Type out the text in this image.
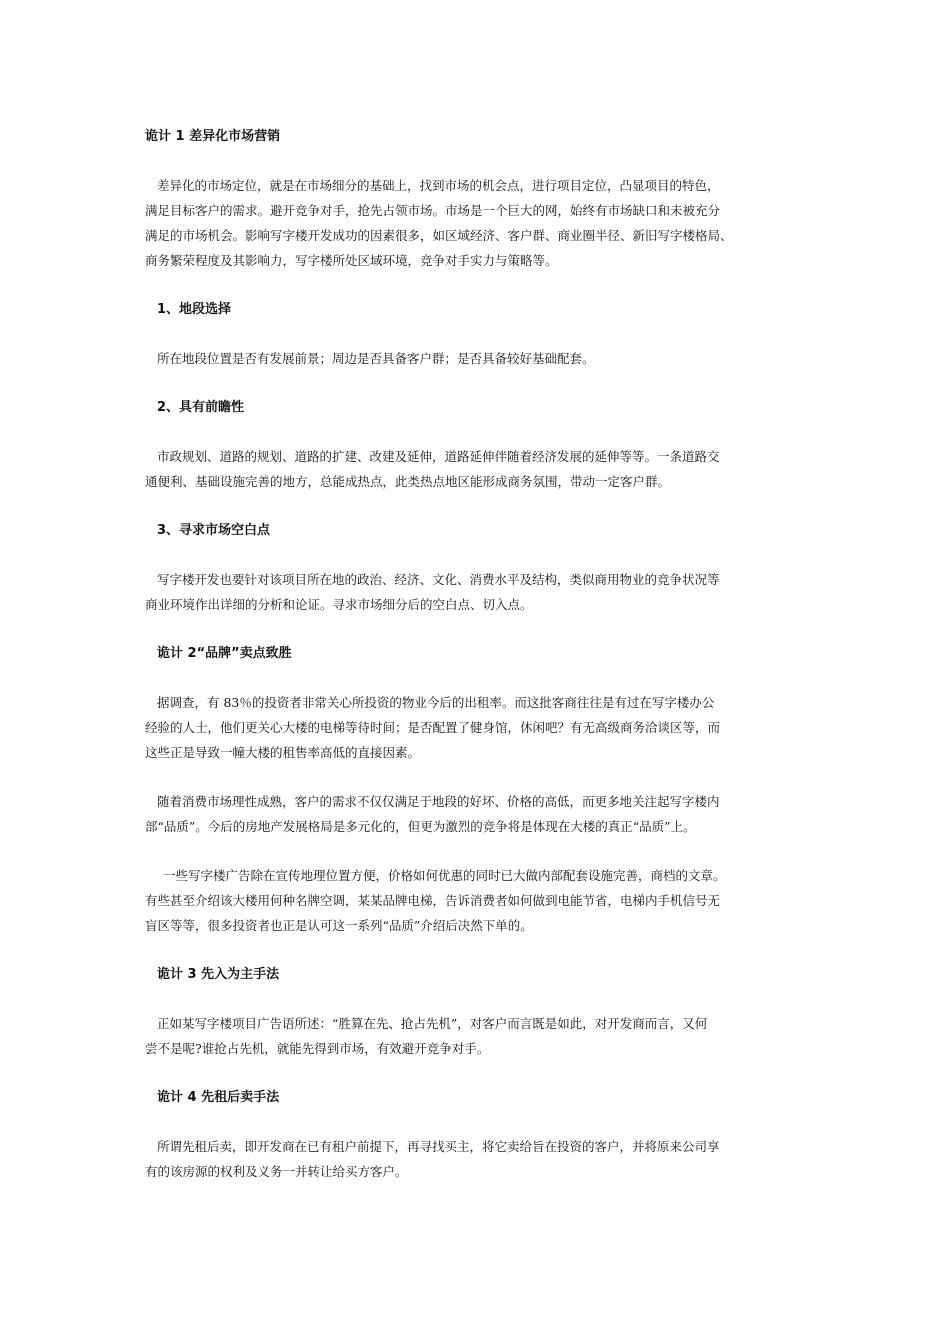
诡计 1 差异化市场营销
差异化的市场定位，就是在市场细分的基础上，找到市场的机会点，进行项目定位，凸显项目的特色，
满足目标客户的需求。避开竞争对手，抢先占领市场。市场是一个巨大的网，始终有市场缺口和未被充分
满足的市场机会。影响写字楼开发成功的因素很多，如区域经济、客户群、商业圈半径、新旧写字楼格局、
商务繁荣程度及其影响力，写字楼所处区域环境，竞争对手实力与策略等。
1、地段选择
所在地段位置是否有发展前景；周边是否具备客户群；是否具备较好基础配套。
2、具有前瞻性
市政规划、道路的规划、道路的扩建、改建及延伸，道路延伸伴随着经济发展的延伸等等。一条道路交
通便利、基础设施完善的地方，总能成热点，此类热点地区能形成商务氛围，带动一定客户群。
3、寻求市场空白点
写字楼开发也要针对该项目所在地的政治、经济、文化、消费水平及结构，类似商用物业的竞争状况等
商业环境作出详细的分析和论证。寻求市场细分后的空白点、切入点。
诡计 2“品牌”卖点致胜
据调查，有 83％的投资者非常关心所投资的物业今后的出租率。而这批客商往往是有过在写字楼办公
经验的人士，他们更关心大楼的电梯等待时间；是否配置了健身馆，休闲吧？有无高级商务洽谈区等，而
这些正是导致一幢大楼的租售率高低的直接因素。
随着消费市场理性成熟，客户的需求不仅仅满足于地段的好坏、价格的高低，而更多地关注起写字楼内
部“品质”。今后的房地产发展格局是多元化的，但更为激烈的竞争将是体现在大楼的真正“品质”上。
一些写字楼广告除在宣传地理位置方便，价格如何优惠的同时已大做内部配套设施完善，商档的文章。
有些甚至介绍该大楼用何种名牌空调，某某品牌电梯，告诉消费者如何做到电能节省，电梯内手机信号无
盲区等等，很多投资者也正是认可这一系列“品质”介绍后决然下单的。
诡计 3 先入为主手法
正如某写字楼项目广告语所述：“胜算在先、抢占先机”，对客户而言既是如此，对开发商而言，又何
尝不是呢?谁抢占先机，就能先得到市场，有效避开竞争对手。
诡计 4 先租后卖手法
所谓先租后卖，即开发商在已有租户前提下，再寻找买主，将它卖给旨在投资的客户，并将原来公司享
有的该房源的权利及义务一并转让给买方客户。
